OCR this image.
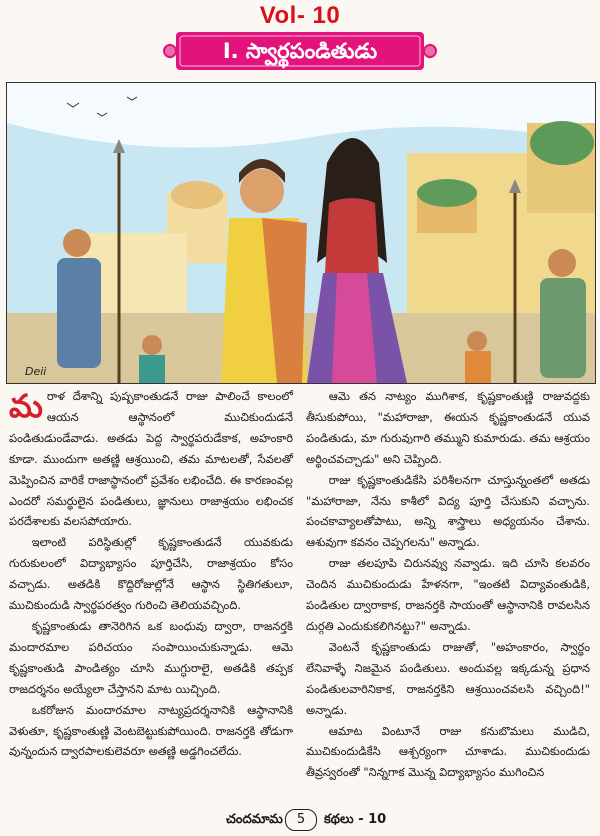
Vol- 10
I. స్వార్థపండితుడు
Deii

మరాళ దేశాన్ని పుష్పకాంతుడనే రాజు పాలించే కాలంలో ఆయన ఆస్థానంలో ముచికుందుడనే పండితుడుండేవాడు. అతడు పెద్ద స్వార్థపరుడేకాక, అహంకారి కూడా. ముందుగా అతణ్ణి ఆశ్రయించి, తమ మాటలతో, సేవలతో మెప్పించిన వారికే రాజాస్థానంలో ప్రవేశం లభించేది. ఈ కారణంవల్ల ఎందరో సమర్థులైన పండితులు, జ్ఞానులు రాజాశ్రయం లభించక పరదేశాలకు వలసపోయారు.

ఇలాంటి పరిస్థితుల్లో కృష్ణకాంతుడనే యువకుడు గురుకులంలో విద్యాభ్యాసం పూర్తిచేసి, రాజాశ్రయం కోసం వచ్చాడు. అతడికి కొద్దిరోజుల్లోనే ఆస్థాన స్థితిగతులూ, ముచికుందుడి స్వార్థపరత్వం గురించి తెలియవచ్చింది.

కృష్ణకాంతుడు తానెరిగిన ఒక బంధువు ద్వారా, రాజనర్తకి మందారమాల పరిచయం సంపాయించుకున్నాడు. ఆమె కృష్ణకాంతుడి పాండిత్యం చూసి ముగ్ధురాలై, అతడికి తప్పక రాజదర్శనం అయ్యేలా చేస్తానని మాట యిచ్చింది.

ఒకరోజున మందారమాల నాట్యప్రదర్శనానికి ఆస్థానానికి వెళుతూ, కృష్ణకాంతుణ్ణి వెంటబెట్టుకుపోయింది. రాజనర్తకి తోడుగా వున్నందున ద్వారపాలకులెవరూ అతణ్ణి అడ్డగించలేదు.

ఆమె తన నాట్యం ముగిశాక, కృష్ణకాంతుణ్ణి రాజువద్దకు తీసుకుపోయి, "మహారాజా, ఈయన కృష్ణకాంతుడనే యువ పండితుడు, మా గురువుగారి తమ్ముని కుమారుడు. తమ ఆశ్రయం అర్థించవచ్చాడు" అని చెప్పింది.

రాజు కృష్ణకాంతుడికేసి పరిశీలనగా చూస్తున్నంతలో అతడు "మహారాజా, నేను కాశీలో విద్య పూర్తి చేసుకుని వచ్చాను. పంచకావ్యాలతోపాటు, అన్ని శాస్త్రాలు అధ్యయనం చేశాను. ఆశువుగా కవనం చెప్పగలను" అన్నాడు.

రాజు తలపూపి చిరునవ్వు నవ్వాడు. ఇది చూసి కలవరం చెందిన ముచికుందుడు హేళనగా, "ఇంతటి విద్యావంతుడికి, పండితుల ద్వారాకాక, రాజనర్తకి సాయంతో ఆస్థానానికి రావలసిన దుర్గతి ఎందుకుకలిగినట్టు?" అన్నాడు.

వెంటనే కృష్ణకాంతుడు రాజుతో, "అహంకారం, స్వార్థం లేనివాళ్ళే నిజమైన పండితులు. అందువల్ల ఇక్కడున్న ప్రధాన పండితులవారినికాక, రాజనర్తకిని ఆశ్రయించవలసి వచ్చింది!" అన్నాడు.

ఆమాట వింటూనే రాజు కనుబొమలు ముడిచి, ముచికుందుడికేసి ఆశ్చర్యంగా చూశాడు. ముచికుందుడు తీవ్రస్వరంతో "నిన్నగాక మొన్న విద్యాభ్యాసం ముగించిన

చందమామ	5	కథలు - 10
